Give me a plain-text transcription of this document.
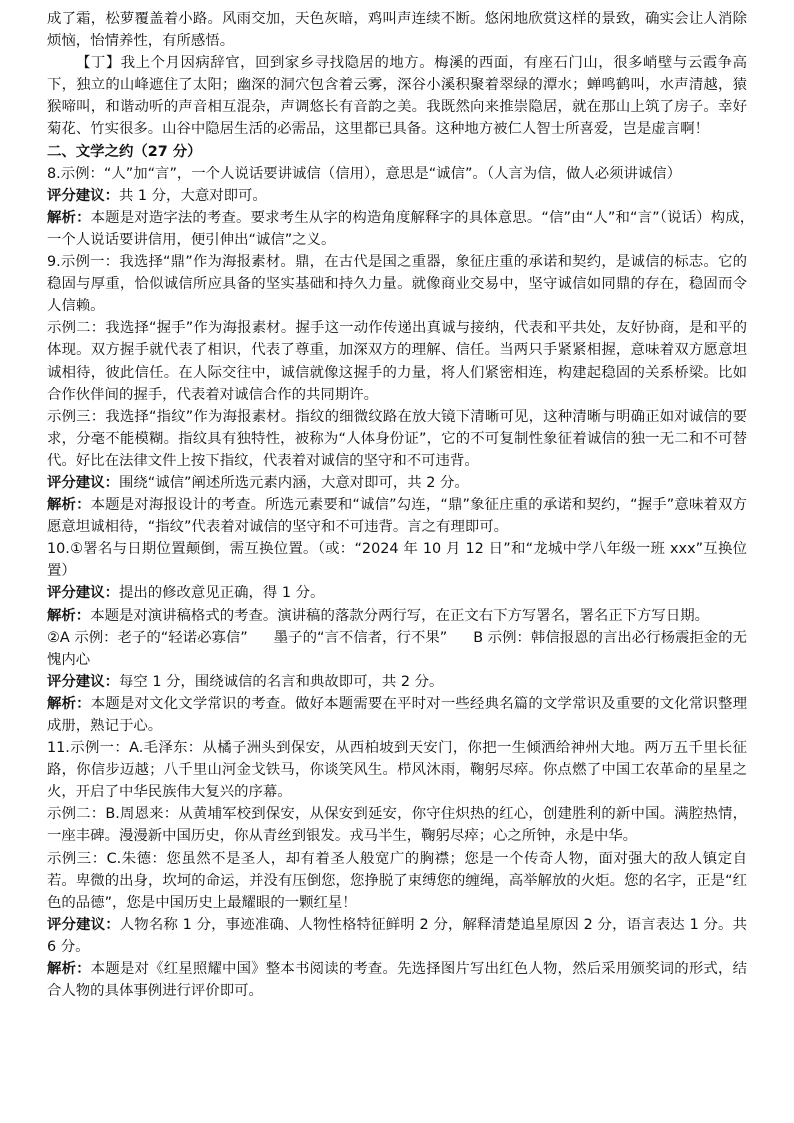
成了霜，松萝覆盖着小路。风雨交加，天色灰暗，鸡叫声连续不断。悠闲地欣赏这样的景致，确实会让人消除烦恼，怡情养性，有所感悟。

【丁】我上个月因病辞官，回到家乡寻找隐居的地方。梅溪的西面，有座石门山，很多峭壁与云霞争高下，独立的山峰遮住了太阳；幽深的洞穴包含着云雾，深谷小溪积聚着翠绿的潭水；蝉鸣鹤叫，水声清越，猿猴啼叫，和谐动听的声音相互混杂，声调悠长有音韵之美。我既然向来推崇隐居，就在那山上筑了房子。幸好菊花、竹实很多。山谷中隐居生活的必需品，这里都已具备。这种地方被仁人智士所喜爱，岂是虚言啊！

二、文学之约（27 分）

8.示例：“人”加“言”，一个人说话要讲诚信（信用），意思是“诚信”。（人言为信，做人必须讲诚信）

评分建议：共 1 分，大意对即可。

解析：本题是对造字法的考查。要求考生从字的构造角度解释字的具体意思。“信”由“人”和“言”（说话）构成，　一个人说话要讲信用，便引伸出“诚信”之义。

9.示例一：我选择“鼎”作为海报素材。鼎，在古代是国之重器，象征庄重的承诺和契约，是诚信的标志。它的稳固与厚重，恰似诚信所应具备的坚实基础和持久力量。就像商业交易中，坚守诚信如同鼎的存在，稳固而令人信赖。

示例二：我选择“握手”作为海报素材。握手这一动作传递出真诚与接纳，代表和平共处，友好协商，是和平的体现。双方握手就代表了相识，代表了尊重，加深双方的理解、信任。当两只手紧紧相握，意味着双方愿意坦诚相待，彼此信任。在人际交往中，诚信就像这握手的力量，将人们紧密相连，构建起稳固的关系桥梁。比如合作伙伴间的握手，代表着对诚信合作的共同期许。

示例三：我选择“指纹”作为海报素材。指纹的细微纹路在放大镜下清晰可见，这种清晰与明确正如对诚信的要求，分毫不能模糊。指纹具有独特性，被称为“人体身份证”，它的不可复制性象征着诚信的独一无二和不可替代。好比在法律文件上按下指纹，代表着对诚信的坚守和不可违背。

评分建议：围绕“诚信”阐述所选元素内涵，大意对即可，共 2 分。

解析：本题是对海报设计的考查。所选元素要和“诚信”勾连，“鼎”象征庄重的承诺和契约，“握手”意味着双方愿意坦诚相待，“指纹”代表着对诚信的坚守和不可违背。言之有理即可。

10.①署名与日期位置颠倒，需互换位置。（或：“2024 年 10 月 12 日”和“龙城中学八年级一班 xxx”互换位置）

评分建议：提出的修改意见正确，得 1 分。

解析：本题是对演讲稿格式的考查。演讲稿的落款分两行写，在正文右下方写署名，署名正下方写日期。

②A 示例：老子的“轻诺必寡信” 墨子的“言不信者，行不果” B 示例：韩信报恩的言出必行杨震拒金的无愧内心

评分建议：每空 1 分，围绕诚信的名言和典故即可，共 2 分。

解析：本题是对文化文学常识的考查。做好本题需要在平时对一些经典名篇的文学常识及重要的文化常识整理成册，熟记于心。

11.示例一：A.毛泽东：从橘子洲头到保安，从西柏坡到天安门，你把一生倾洒给神州大地。两万五千里长征路，你信步迈越；八千里山河金戈铁马，你谈笑风生。栉风沐雨，鞠躬尽瘁。你点燃了中国工农革命的星星之火，开启了中华民族伟大复兴的序幕。

示例二：B.周恩来：从黄埔军校到保安，从保安到延安，你守住炽热的红心，创建胜利的新中国。满腔热情，一座丰碑。漫漫新中国历史，你从青丝到银发。戎马半生，鞠躬尽瘁；心之所钟，永是中华。

示例三：C.朱德：您虽然不是圣人，却有着圣人般宽广的胸襟；您是一个传奇人物，面对强大的敌人镇定自若。卑微的出身，坎坷的命运，并没有压倒您，您挣脱了束缚您的缠绳，高举解放的火炬。您的名字，正是“红色的品德”，您是中国历史上最耀眼的一颗红星！

评分建议：人物名称 1 分，事迹准确、人物性格特征鲜明 2 分，解释清楚追星原因 2 分，语言表达 1 分。共 6 分。

解析：本题是对《红星照耀中国》整本书阅读的考查。先选择图片写出红色人物，然后采用颁奖词的形式，结合人物的具体事例进行评价即可。
